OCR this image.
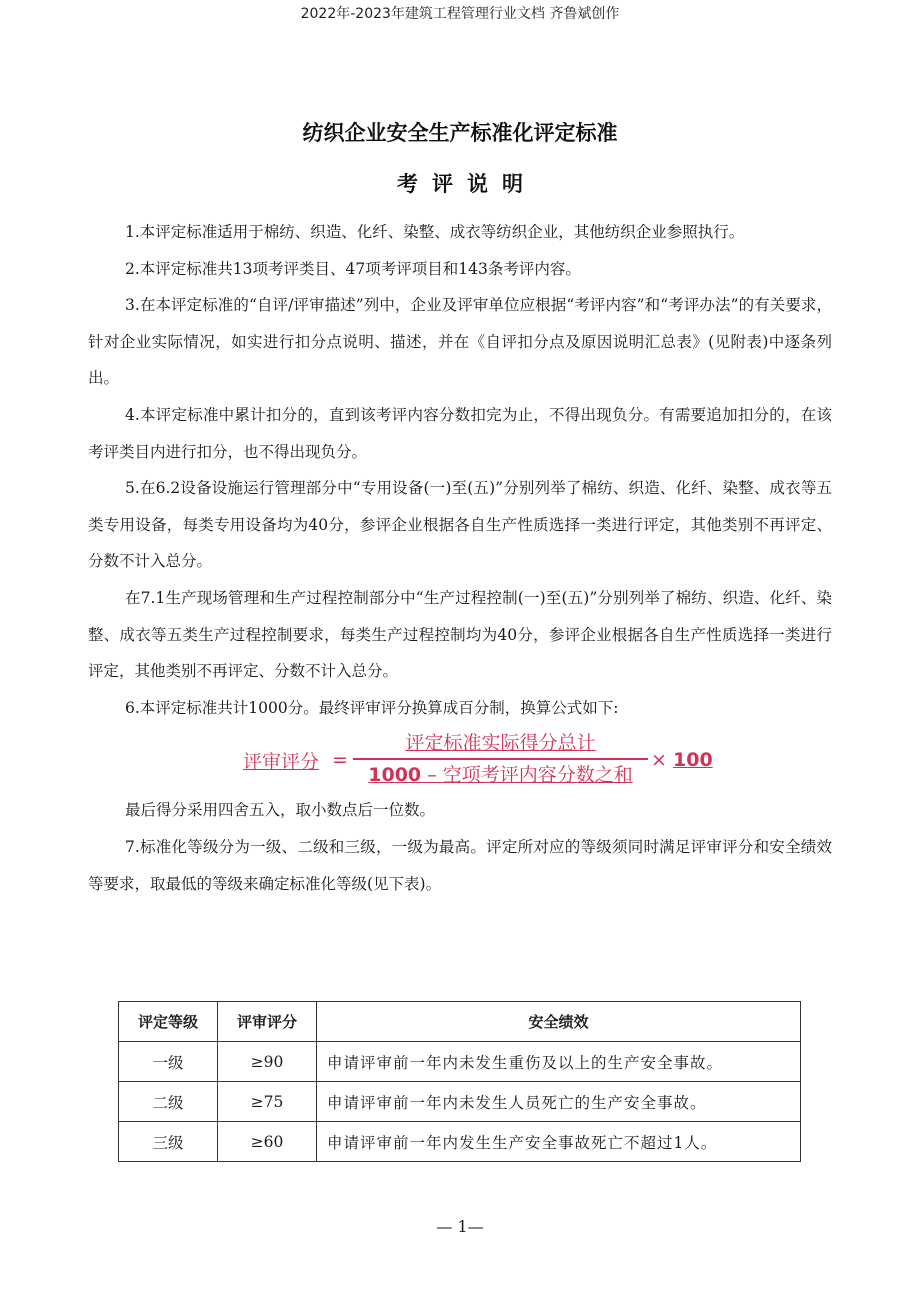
2022年-2023年建筑工程管理行业文档 齐鲁斌创作
纺织企业安全生产标准化评定标准
考评说明

1.本评定标准适用于棉纺、织造、化纤、染整、成衣等纺织企业，其他纺织企业参照执行。

2.本评定标准共13项考评类目、47项考评项目和143条考评内容。

3.在本评定标准的“自评/评审描述”列中，企业及评审单位应根据“考评内容”和“考评办法”的有关要求，针对企业实际情况，如实进行扣分点说明、描述，并在《自评扣分点及原因说明汇总表》(见附表)中逐条列出。

4.本评定标准中累计扣分的，直到该考评内容分数扣完为止，不得出现负分。有需要追加扣分的，在该考评类目内进行扣分，也不得出现负分。

5.在6.2设备设施运行管理部分中“专用设备(一)至(五)”分别列举了棉纺、织造、化纤、染整、成衣等五类专用设备，每类专用设备均为40分，参评企业根据各自生产性质选择一类进行评定，其他类别不再评定、分数不计入总分。

在7.1生产现场管理和生产过程控制部分中“生产过程控制(一)至(五)”分别列举了棉纺、织造、化纤、染整、成衣等五类生产过程控制要求，每类生产过程控制均为40分，参评企业根据各自生产性质选择一类进行评定，其他类别不再评定、分数不计入总分。

6.本评定标准共计1000分。最终评审评分换算成百分制，换算公式如下:

评审评分 =
评定标准实际得分总计
1000 – 空项考评内容分数之和
× 100

最后得分采用四舍五入，取小数点后一位数。

7.标准化等级分为一级、二级和三级，一级为最高。评定所对应的等级须同时满足评审评分和安全绩效等要求，取最低的等级来确定标准化等级(见下表)。

评定等级	评审评分	安全绩效
一级	≥90	申请评审前一年内未发生重伤及以上的生产安全事故。
二级	≥75	申请评审前一年内未发生人员死亡的生产安全事故。
三级	≥60	申请评审前一年内发生生产安全事故死亡不超过1人。
— 1—
